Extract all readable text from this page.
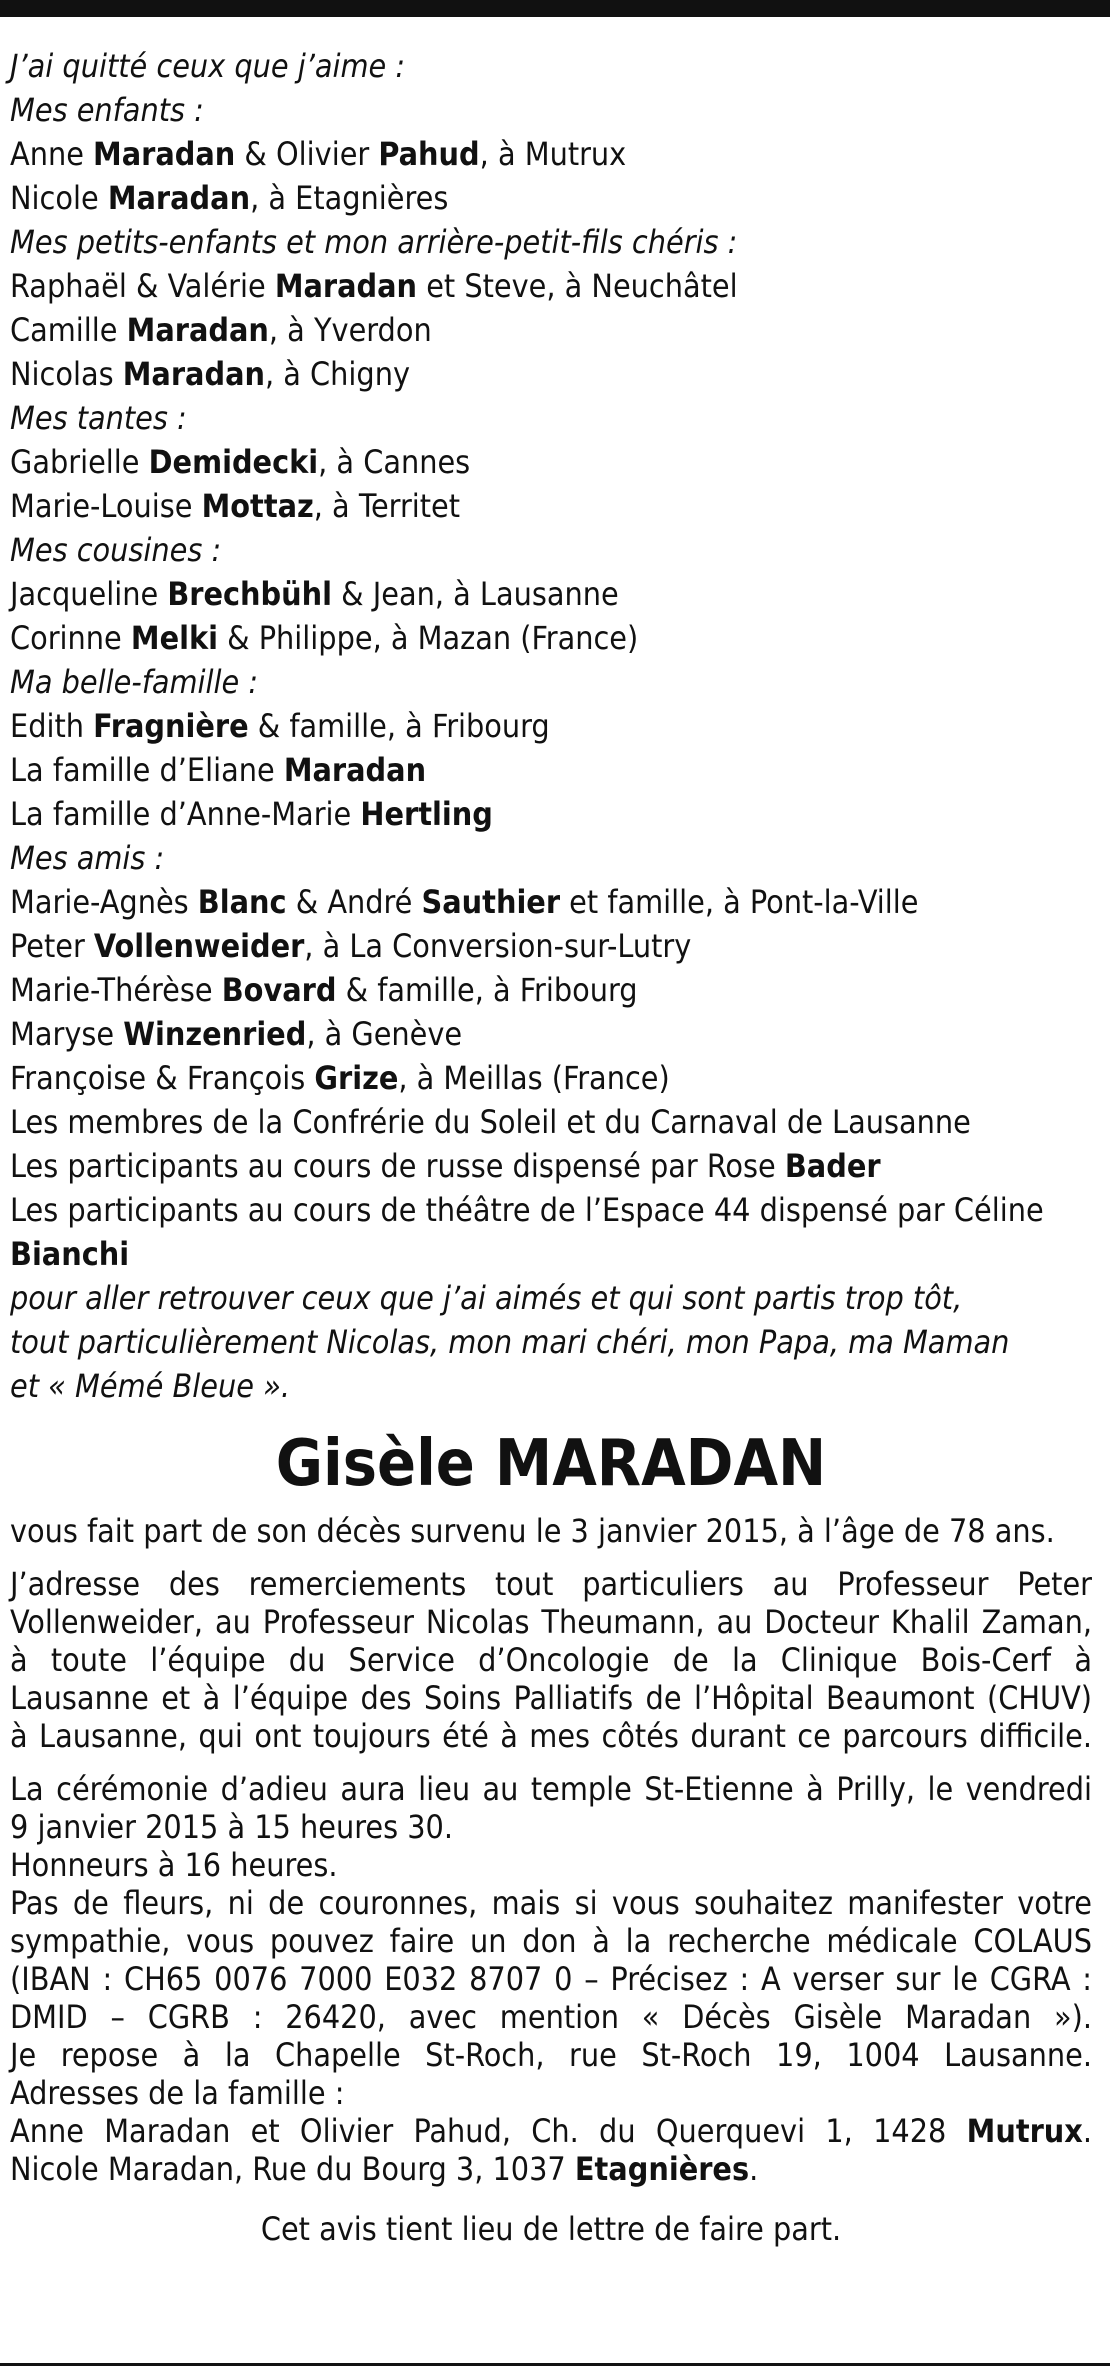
J’ai quitté ceux que j’aime :
Mes enfants :
Anne Maradan & Olivier Pahud, à Mutrux
Nicole Maradan, à Etagnières
Mes petits-enfants et mon arrière-petit-fils chéris :
Raphaël & Valérie Maradan et Steve, à Neuchâtel
Camille Maradan, à Yverdon
Nicolas Maradan, à Chigny
Mes tantes :
Gabrielle Demidecki, à Cannes
Marie-Louise Mottaz, à Territet
Mes cousines :
Jacqueline Brechbühl & Jean, à Lausanne
Corinne Melki & Philippe, à Mazan (France)
Ma belle-famille :
Edith Fragnière & famille, à Fribourg
La famille d’Eliane Maradan
La famille d’Anne-Marie Hertling
Mes amis :
Marie-Agnès Blanc & André Sauthier et famille, à Pont-la-Ville
Peter Vollenweider, à La Conversion-sur-Lutry
Marie-Thérèse Bovard & famille, à Fribourg
Maryse Winzenried, à Genève
Françoise & François Grize, à Meillas (France)
Les membres de la Confrérie du Soleil et du Carnaval de Lausanne
Les participants au cours de russe dispensé par Rose Bader
Les participants au cours de théâtre de l’Espace 44 dispensé par Céline
Bianchi
pour aller retrouver ceux que j’ai aimés et qui sont partis trop tôt,
tout particulièrement Nicolas, mon mari chéri, mon Papa, ma Maman
et « Mémé Bleue ».
Gisèle MARADAN
vous fait part de son décès survenu le 3 janvier 2015, à l’âge de 78 ans.
J’adresse des remerciements tout particuliers au Professeur Peter
Vollenweider, au Professeur Nicolas Theumann, au Docteur Khalil Zaman,
à toute l’équipe du Service d’Oncologie de la Clinique Bois-Cerf à
Lausanne et à l’équipe des Soins Palliatifs de l’Hôpital Beaumont (CHUV)
à Lausanne, qui ont toujours été à mes côtés durant ce parcours difficile.
La cérémonie d’adieu aura lieu au temple St-Etienne à Prilly, le vendredi
9 janvier 2015 à 15 heures 30.
Honneurs à 16 heures.
Pas de fleurs, ni de couronnes, mais si vous souhaitez manifester votre
sympathie, vous pouvez faire un don à la recherche médicale COLAUS
(IBAN : CH65 0076 7000 E032 8707 0 – Précisez : A verser sur le CGRA :
DMID – CGRB : 26420, avec mention « Décès Gisèle Maradan »).
Je repose à la Chapelle St-Roch, rue St-Roch 19, 1004 Lausanne.
Adresses de la famille :
Anne Maradan et Olivier Pahud, Ch. du Querquevi 1, 1428 Mutrux.
Nicole Maradan, Rue du Bourg 3, 1037 Etagnières.
Cet avis tient lieu de lettre de faire part.
